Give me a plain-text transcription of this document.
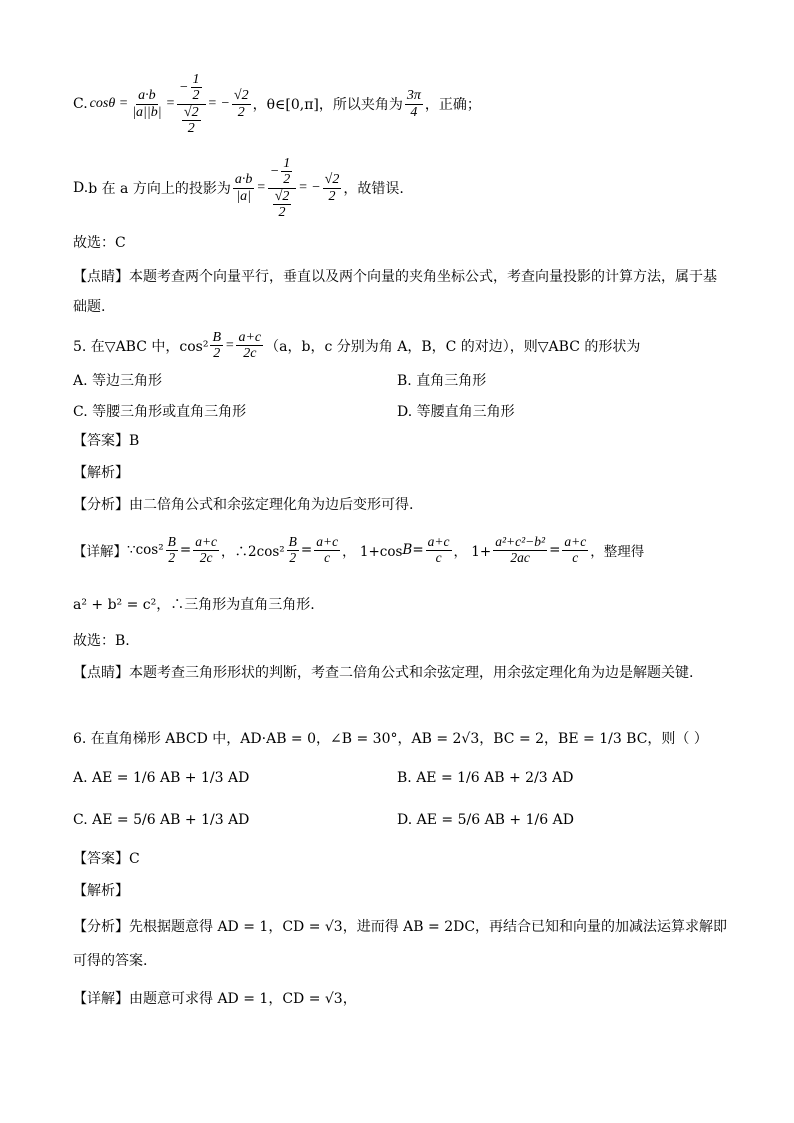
C. $\cos\theta = \frac{a\cdot b}{|a||b|} = \frac{- \frac{1}{2}}{\frac{√2}{2}}$ = − $\frac{√2}{2}$ ，θ∈[0,π]，所以夹角为 $\frac{3\pi}{4}$ ，正确；
D. b 在 a 方向上的投影为 $\frac{a\cdot b}{|a|} = \frac{- \frac{1}{2}}{\frac{√2}{2}}$ = − $\frac{√2}{2}$ ，故错误.
故选：C
【点睛】本题考查两个向量平行，垂直以及两个向量的夹角坐标公式，考查向量投影的计算方法，属于基
础题.
5. 在▽ABC 中，$\cos^2 \frac{B}{2} = \frac{a+c}{2c} (a$，b，c 分别为角 A，B，C 的对边），则▽ABC 的形状为
A. 等边三角形	B. 直角三角形
C. 等腰三角形或直角三角形	D. 等腰直角三角形
【答案】B
【解析】
【分析】由二倍角公式和余弦定理化角为边后变形可得.
【详解】 ∵cos² $\frac{B}{2} = \frac{a+c}{2c}$ ，∴2cos² $\frac{B}{2} = \frac{a+c}{c}$ ， 1+cos $B = \frac{a+c}{c}$ ， $1+ \frac{\text{a²+c²−b²}}{2ac} = \frac{a+c}{c}$ ，整理得
a² + b² = c²，∴三角形为直角三角形.
故选：B.
【点睛】本题考查三角形形状的判断，考查二倍角公式和余弦定理，用余弦定理化角为边是解题关键.
6. 在直角梯形 ABCD 中，AD·AB = 0，∠B = 30°，AB = 2√3，BC = 2，BE = 1/3 BC，则（ ）
A. AE = 1/6 AB + 1/3 AD	B. AE = 1/6 AB + 2/3 AD
C. AE = 5/6 AB + 1/3 AD	D. AE = 5/6 AB + 1/6 AD
【答案】C
【解析】
【分析】先根据题意得 AD = 1，CD = √3，进而得 AB = 2DC，再结合已知和向量的加减法运算求解即
可得的答案.
【详解】由题意可求得 AD = 1，CD = √3，
